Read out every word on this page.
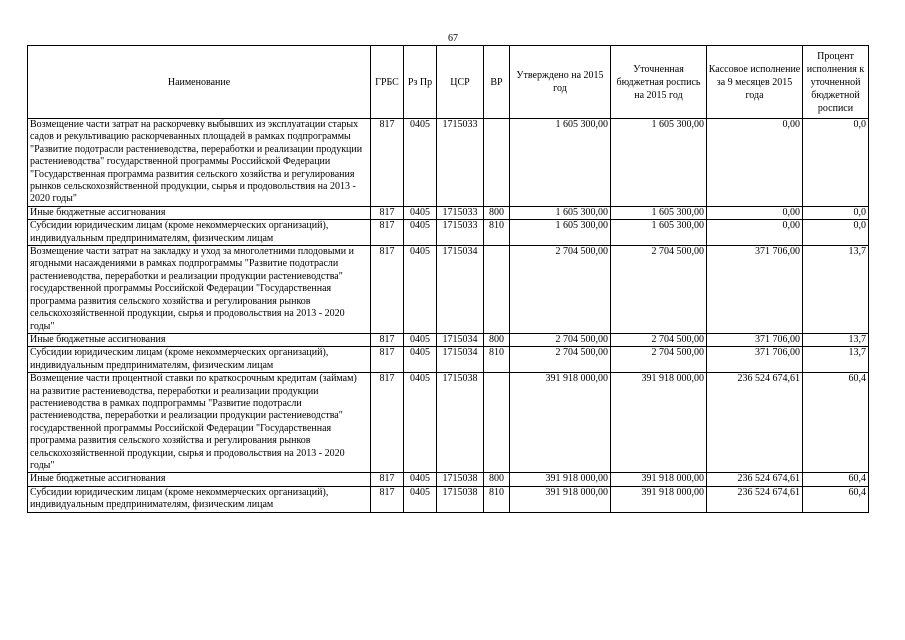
67
Наименование	ГРБС	Рз Пр	ЦСР	ВР	Утверждено на 2015 год	Уточненная бюджетная роспись на 2015 год	Кассовое исполнение за 9 месяцев 2015 года	Процент исполнения к уточненной бюджетной росписи
Возмещение части затрат на раскорчевку выбывших из эксплуатации старых садов и рекультивацию раскорчеванных площадей в рамках подпрограммы "Развитие подотрасли растениеводства, переработки и реализации продукции растениеводства" государственной программы Российской Федерации "Государственная программа развития сельского хозяйства и регулирования рынков сельскохозяйственной продукции, сырья и продовольствия на 2013 - 2020 годы"	817	0405	1715033		1 605 300,00	1 605 300,00	0,00	0,0
Иные бюджетные ассигнования	817	0405	1715033	800	1 605 300,00	1 605 300,00	0,00	0,0
Субсидии юридическим лицам (кроме некоммерческих организаций), индивидуальным предпринимателям, физическим лицам	817	0405	1715033	810	1 605 300,00	1 605 300,00	0,00	0,0
Возмещение части затрат на закладку и уход за многолетними плодовыми и ягодными насаждениями в рамках подпрограммы "Развитие подотрасли растениеводства, переработки и реализации продукции растениеводства" государственной программы Российской Федерации "Государственная программа развития сельского хозяйства и регулирования рынков сельскохозяйственной продукции, сырья и продовольствия на 2013 - 2020 годы"	817	0405	1715034		2 704 500,00	2 704 500,00	371 706,00	13,7
Иные бюджетные ассигнования	817	0405	1715034	800	2 704 500,00	2 704 500,00	371 706,00	13,7
Субсидии юридическим лицам (кроме некоммерческих организаций), индивидуальным предпринимателям, физическим лицам	817	0405	1715034	810	2 704 500,00	2 704 500,00	371 706,00	13,7
Возмещение части процентной ставки по краткосрочным кредитам (займам) на развитие растениеводства, переработки и реализации продукции растениеводства в рамках подпрограммы "Развитие подотрасли растениеводства, переработки и реализации продукции растениеводства" государственной программы Российской Федерации "Государственная программа развития сельского хозяйства и регулирования рынков сельскохозяйственной продукции, сырья и продовольствия на 2013 - 2020 годы"	817	0405	1715038		391 918 000,00	391 918 000,00	236 524 674,61	60,4
Иные бюджетные ассигнования	817	0405	1715038	800	391 918 000,00	391 918 000,00	236 524 674,61	60,4
Субсидии юридическим лицам (кроме некоммерческих организаций), индивидуальным предпринимателям, физическим лицам	817	0405	1715038	810	391 918 000,00	391 918 000,00	236 524 674,61	60,4
